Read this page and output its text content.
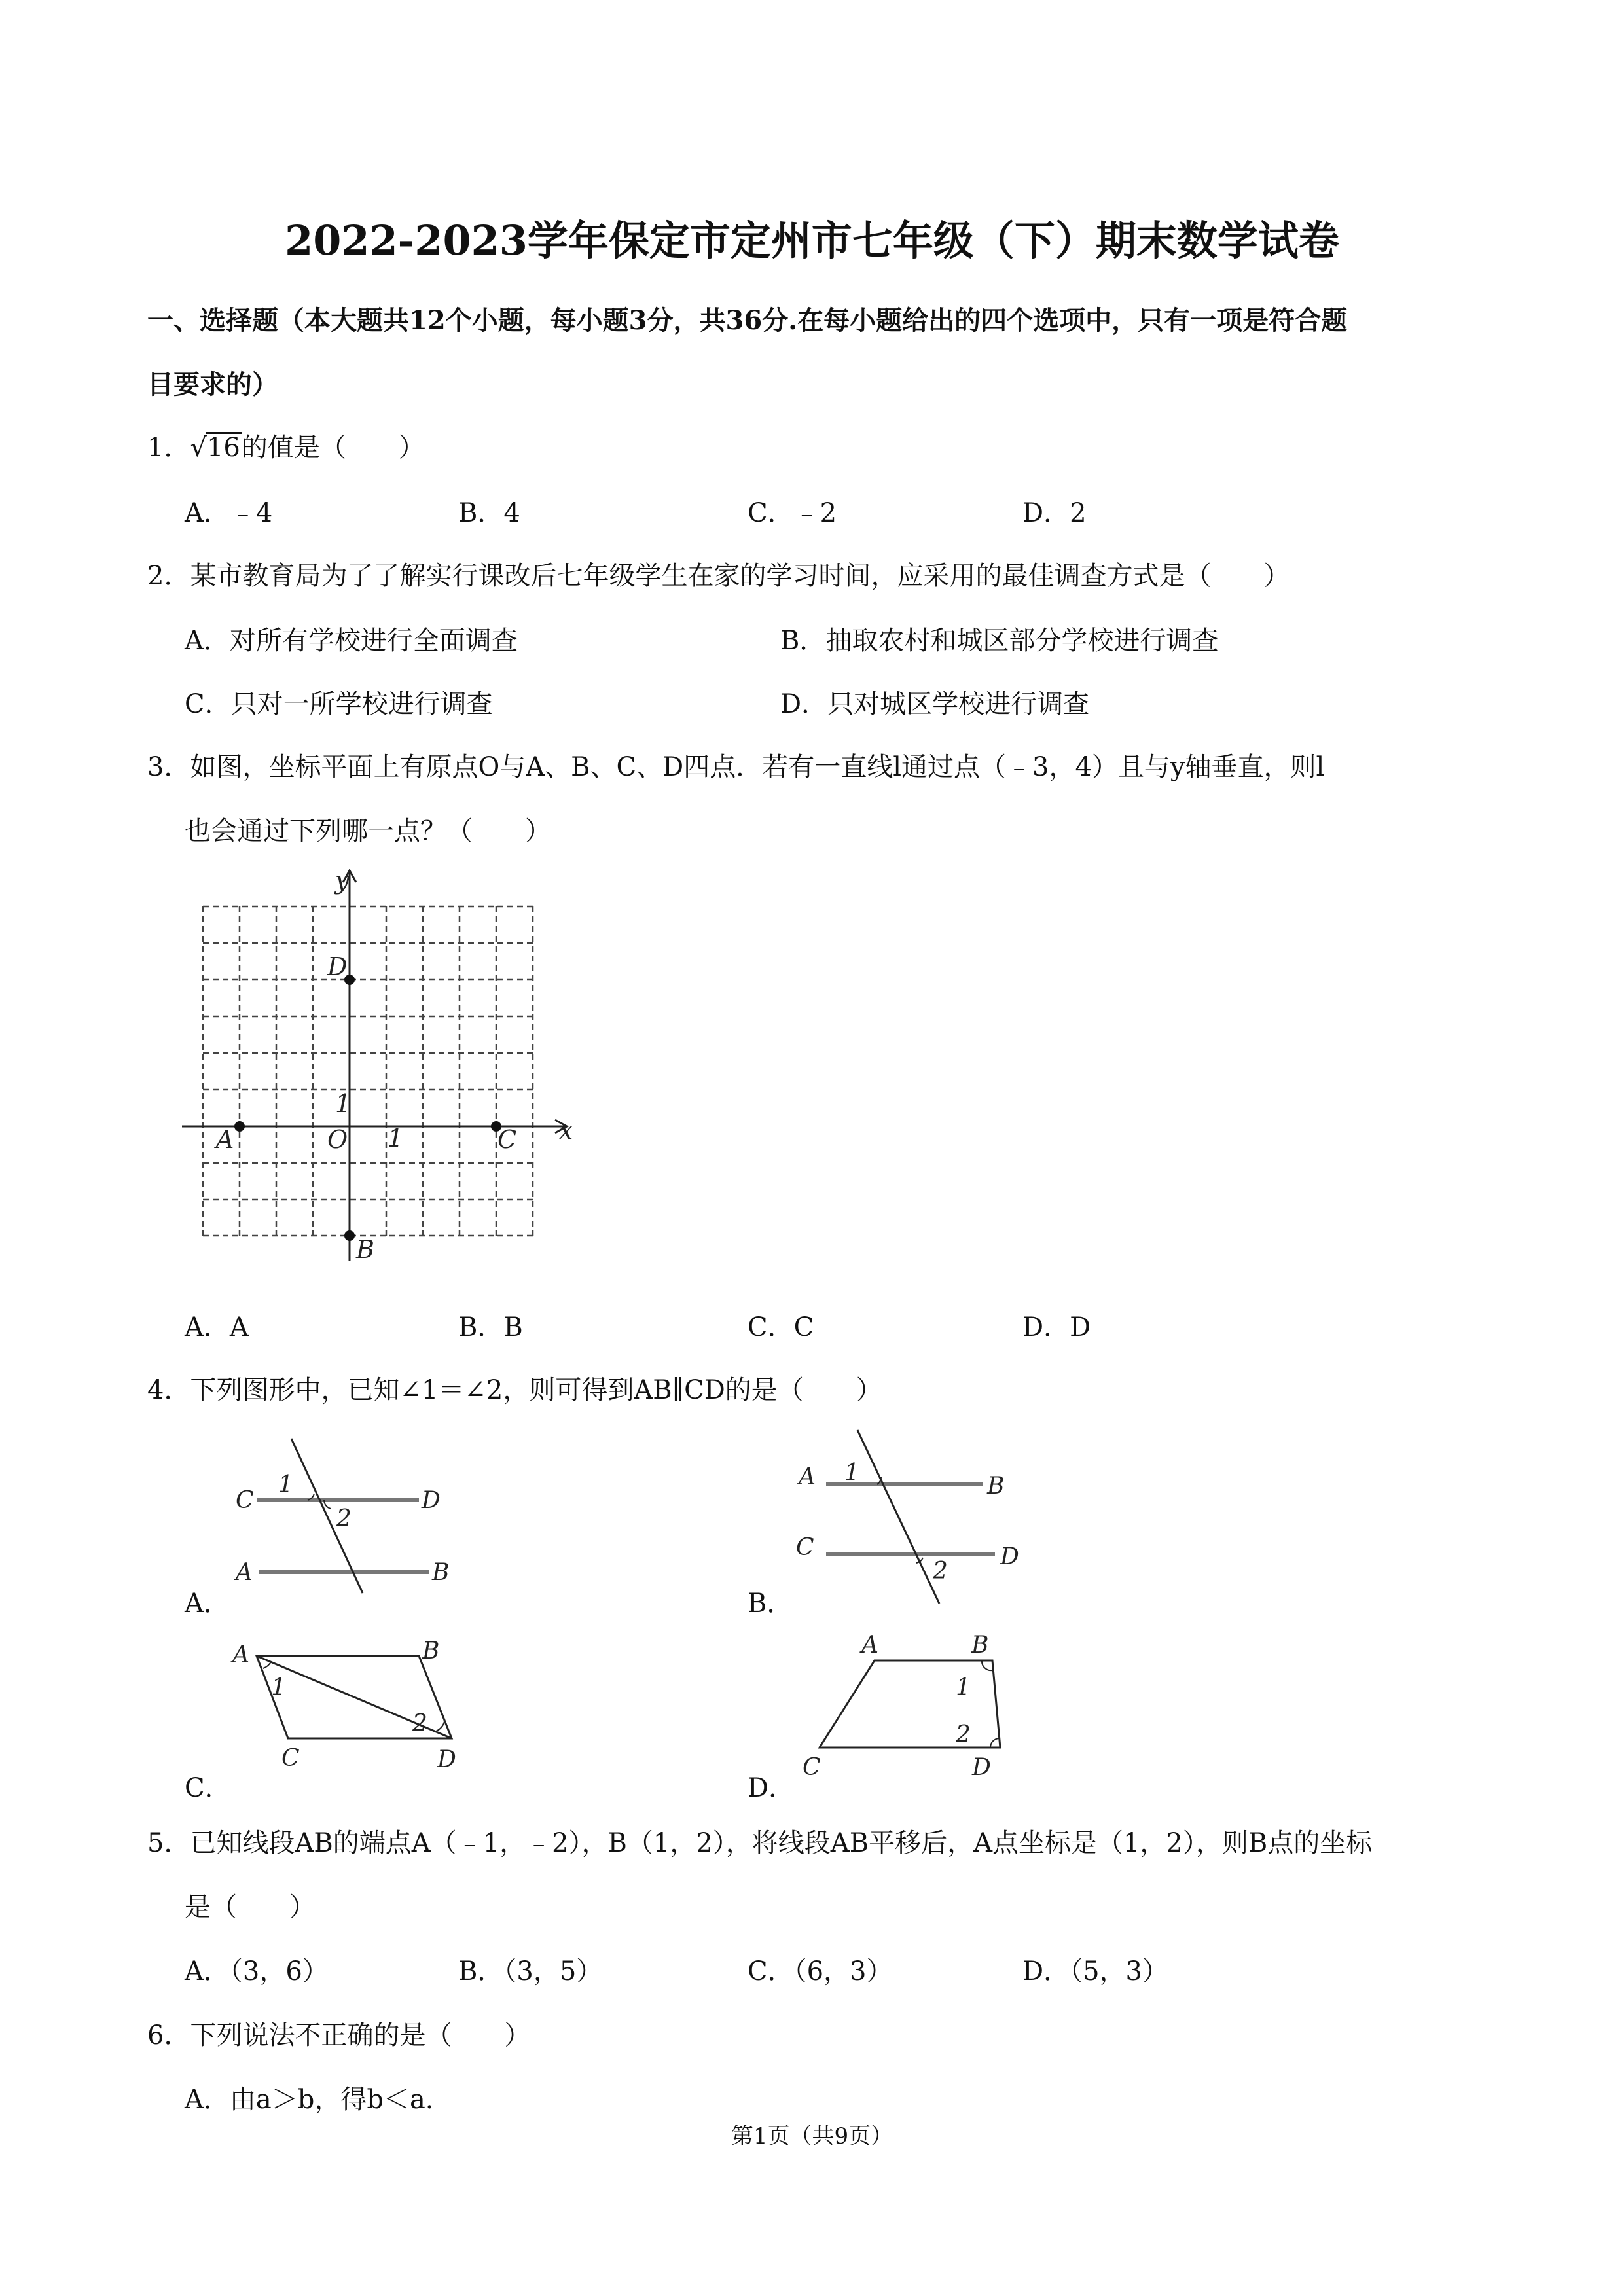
2022-2023学年保定市定州市七年级（下）期末数学试卷
一、选择题（本大题共12个小题，每小题3分，共36分.在每小题给出的四个选项中，只有一项是符合题
目要求的）
1．√16的值是（　　）
A．﹣4	B．4	C．﹣2	D．2
2．某市教育局为了了解实行课改后七年级学生在家的学习时间，应采用的最佳调查方式是（　　）
A．对所有学校进行全面调查	B．抽取农村和城区部分学校进行调查
C．只对一所学校进行调查	D．只对城区学校进行调查
3．如图，坐标平面上有原点O与A、B、C、D四点．若有一直线l通过点（﹣3，4）且与y轴垂直，则l
也会通过下列哪一点？（　　）
y
x
D
A	O 1
1
C
B
A．A	B．B	C．C	D．D
4．下列图形中，已知∠1＝∠2，则可得到AB∥CD的是（　　）
A．	B．
C．	D．
C	D
A	B
1
2
A	B
C	D
1
2
A	B
C	D
1
2
A	B
C	D
1
2
5．已知线段AB的端点A（﹣1，﹣2），B（1，2），将线段AB平移后，A点坐标是（1，2），则B点的坐标
是（　　）
A．（3，6）	B．（3，5）	C．（6，3）	D．（5，3）
6．下列说法不正确的是（　　）
A．由a＞b，得b＜a.
第1页（共9页）
